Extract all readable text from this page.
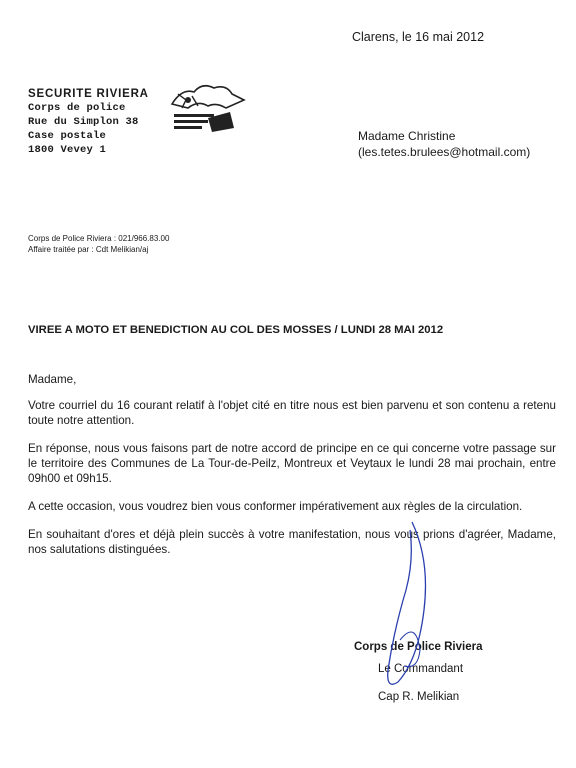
Clarens, le 16 mai 2012
SECURITE RIVIERA
Corps de police
Rue du Simplon 38
Case postale
1800 Vevey 1
Madame Christine
(les.tetes.brulees@hotmail.com)
Corps de Police Riviera : 021/966.83.00
Affaire traitée par : Cdt Melikian/aj
VIREE A MOTO ET BENEDICTION AU COL DES MOSSES / LUNDI 28 MAI 2012

Madame,

Votre courriel du 16 courant relatif à l'objet cité en titre nous est bien parvenu et son contenu a retenu toute notre attention.

En réponse, nous vous faisons part de notre accord de principe en ce qui concerne votre passage sur le territoire des Communes de La Tour-de-Peilz, Montreux et Veytaux le lundi 28 mai prochain, entre 09h00 et 09h15.

A cette occasion, vous voudrez bien vous conformer impérativement aux règles de la circulation.

En souhaitant d'ores et déjà plein succès à votre manifestation, nous vous prions d'agréer, Madame, nos salutations distinguées.

Corps de Police Riviera
Le Commandant
Cap R. Melikian
